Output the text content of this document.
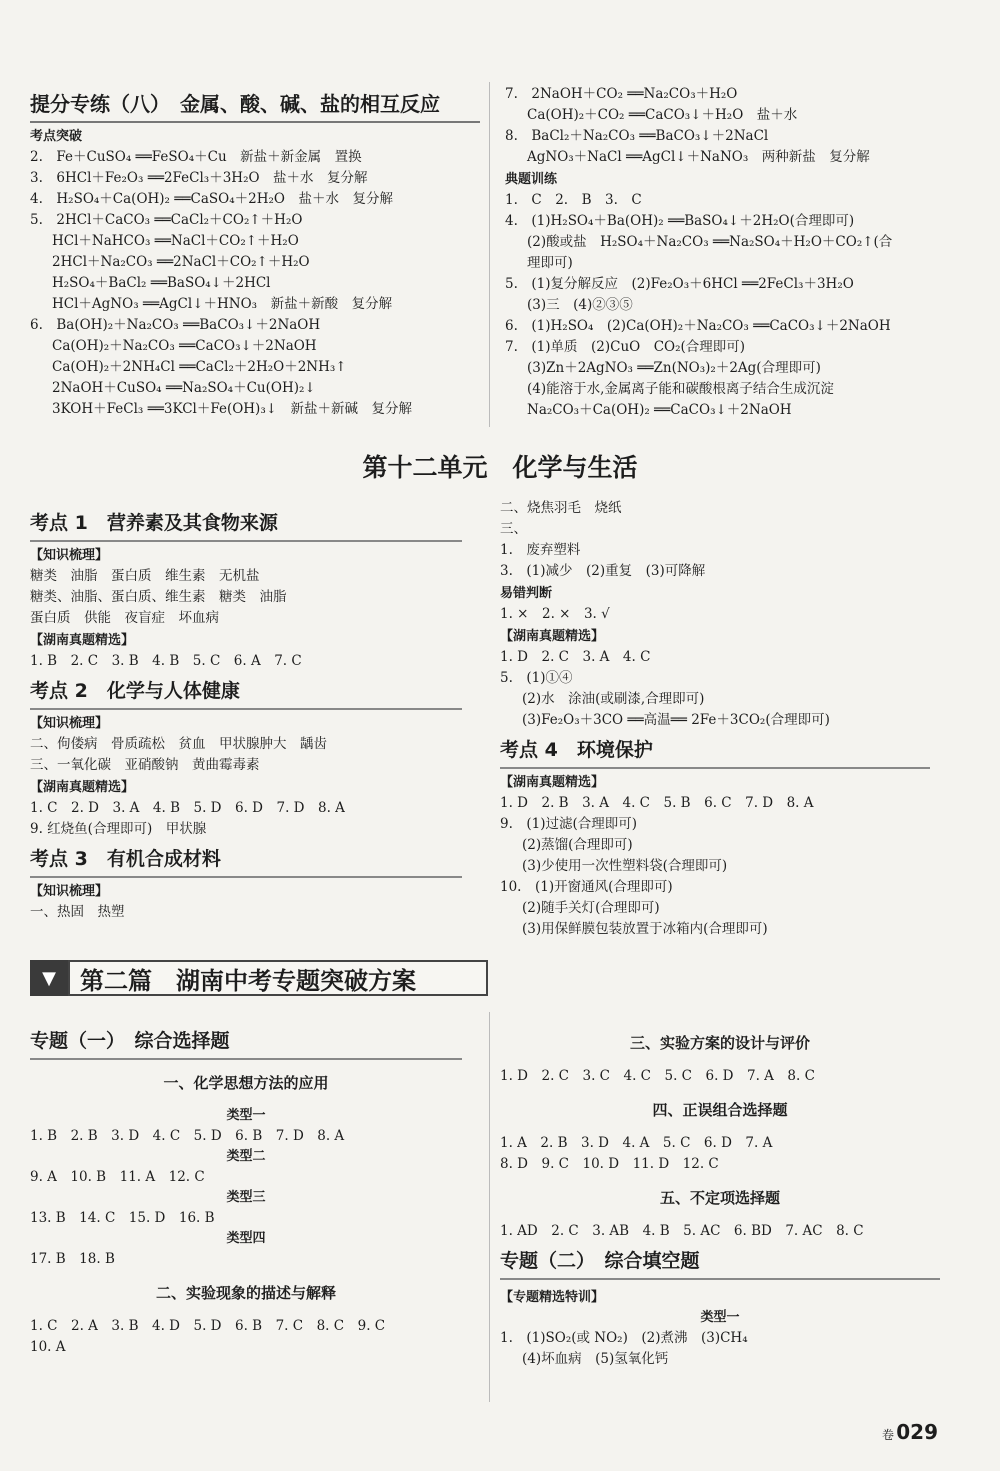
提分专练（八）　金属、酸、碱、盐的相互反应
考点突破
2.　Fe＋CuSO₄ ══FeSO₄＋Cu　新盐＋新金属　置换
3.　6HCl＋Fe₂O₃ ══2FeCl₃＋3H₂O　盐＋水　复分解
4.　H₂SO₄＋Ca(OH)₂ ══CaSO₄＋2H₂O　盐＋水　复分解
5.　2HCl＋CaCO₃ ══CaCl₂＋CO₂↑＋H₂O
HCl＋NaHCO₃ ══NaCl＋CO₂↑＋H₂O
2HCl＋Na₂CO₃ ══2NaCl＋CO₂↑＋H₂O
H₂SO₄＋BaCl₂ ══BaSO₄↓＋2HCl
HCl＋AgNO₃ ══AgCl↓＋HNO₃　新盐＋新酸　复分解
6.　Ba(OH)₂＋Na₂CO₃ ══BaCO₃↓＋2NaOH
Ca(OH)₂＋Na₂CO₃ ══CaCO₃↓＋2NaOH
Ca(OH)₂＋2NH₄Cl ══CaCl₂＋2H₂O＋2NH₃↑
2NaOH＋CuSO₄ ══Na₂SO₄＋Cu(OH)₂↓
3KOH＋FeCl₃ ══3KCl＋Fe(OH)₃↓　新盐＋新碱　复分解
7.　2NaOH＋CO₂ ══Na₂CO₃＋H₂O
Ca(OH)₂＋CO₂ ══CaCO₃↓＋H₂O　盐＋水
8.　BaCl₂＋Na₂CO₃ ══BaCO₃↓＋2NaCl
AgNO₃＋NaCl ══AgCl↓＋NaNO₃　两种新盐　复分解
典题训练
1.　C　2.　B　3.　C
4.　(1)H₂SO₄＋Ba(OH)₂ ══BaSO₄↓＋2H₂O(合理即可)
(2)酸或盐　H₂SO₄＋Na₂CO₃ ══Na₂SO₄＋H₂O＋CO₂↑(合
理即可)
5.　(1)复分解反应　(2)Fe₂O₃＋6HCl ══2FeCl₃＋3H₂O
(3)三　(4)②③⑤
6.　(1)H₂SO₄　(2)Ca(OH)₂＋Na₂CO₃ ══CaCO₃↓＋2NaOH
7.　(1)单质　(2)CuO　CO₂(合理即可)
(3)Zn＋2AgNO₃ ══Zn(NO₃)₂＋2Ag(合理即可)
(4)能溶于水,金属离子能和碳酸根离子结合生成沉淀
Na₂CO₃＋Ca(OH)₂ ══CaCO₃↓＋2NaOH
第十二单元　化学与生活
考点 1　营养素及其食物来源
【知识梳理】
糖类　油脂　蛋白质　维生素　无机盐
糖类、油脂、蛋白质、维生素　糖类　油脂
蛋白质　供能　夜盲症　坏血病
【湖南真题精选】
1. B　2. C　3. B　4. B　5. C　6. A　7. C
考点 2　化学与人体健康
【知识梳理】
二、佝偻病　骨质疏松　贫血　甲状腺肿大　龋齿
三、一氧化碳　亚硝酸钠　黄曲霉毒素
【湖南真题精选】
1. C　2. D　3. A　4. B　5. D　6. D　7. D　8. A
9. 红烧鱼(合理即可)　甲状腺
考点 3　有机合成材料
【知识梳理】
一、热固　热塑
二、烧焦羽毛　烧纸
三、
1.　废弃塑料
3.　(1)减少　(2)重复　(3)可降解
易错判断
1. ×　2. ×　3. √
【湖南真题精选】
1. D　2. C　3. A　4. C
5.　(1)①④
(2)水　涂油(或刷漆,合理即可)
(3)Fe₂O₃＋3CO ══高温══ 2Fe＋3CO₂(合理即可)
考点 4　环境保护
【湖南真题精选】
1. D　2. B　3. A　4. C　5. B　6. C　7. D　8. A
9.　(1)过滤(合理即可)
(2)蒸馏(合理即可)
(3)少使用一次性塑料袋(合理即可)
10.　(1)开窗通风(合理即可)
(2)随手关灯(合理即可)
(3)用保鲜膜包装放置于冰箱内(合理即可)
▼	第二篇　湖南中考专题突破方案
专题（一）　综合选择题
一、化学思想方法的应用
类型一
1. B　2. B　3. D　4. C　5. D　6. B　7. D　8. A
类型二
9. A　10. B　11. A　12. C
类型三
13. B　14. C　15. D　16. B
类型四
17. B　18. B
二、实验现象的描述与解释
1. C　2. A　3. B　4. D　5. D　6. B　7. C　8. C　9. C
10. A
三、实验方案的设计与评价
1. D　2. C　3. C　4. C　5. C　6. D　7. A　8. C
四、正误组合选择题
1. A　2. B　3. D　4. A　5. C　6. D　7. A
8. D　9. C　10. D　11. D　12. C
五、不定项选择题
1. AD　2. C　3. AB　4. B　5. AC　6. BD　7. AC　8. C
专题（二）　综合填空题
【专题精选特训】
类型一
1.　(1)SO₂(或 NO₂)　(2)煮沸　(3)CH₄
(4)坏血病　(5)氢氧化钙
卷 029
